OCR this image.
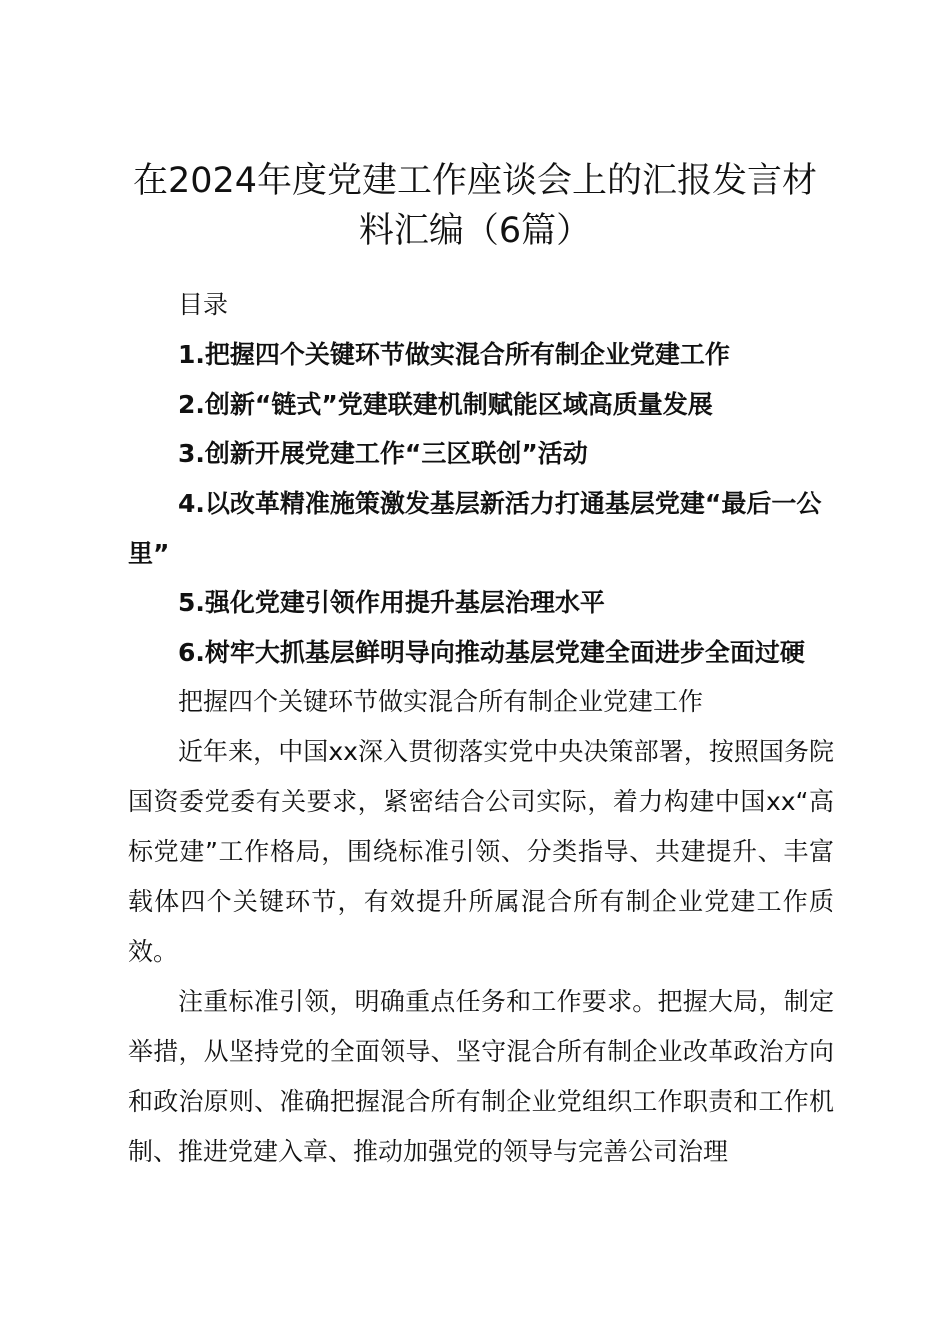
在2024年度党建工作座谈会上的汇报发言材料汇编（6篇）

目录

1.把握四个关键环节做实混合所有制企业党建工作

2.创新“链式”党建联建机制赋能区域高质量发展

3.创新开展党建工作“三区联创”活动

4.以改革精准施策激发基层新活力打通基层党建“最后一公里”

5.强化党建引领作用提升基层治理水平

6.树牢大抓基层鲜明导向推动基层党建全面进步全面过硬

把握四个关键环节做实混合所有制企业党建工作

近年来，中国xx深入贯彻落实党中央决策部署，按照国务院国资委党委有关要求，紧密结合公司实际，着力构建中国xx“高标党建”工作格局，围绕标准引领、分类指导、共建提升、丰富载体四个关键环节，有效提升所属混合所有制企业党建工作质效。

注重标准引领，明确重点任务和工作要求。把握大局，制定举措，从坚持党的全面领导、坚守混合所有制企业改革政治方向和政治原则、准确把握混合所有制企业党组织工作职责和工作机制、推进党建入章、推动加强党的领导与完善公司治理
